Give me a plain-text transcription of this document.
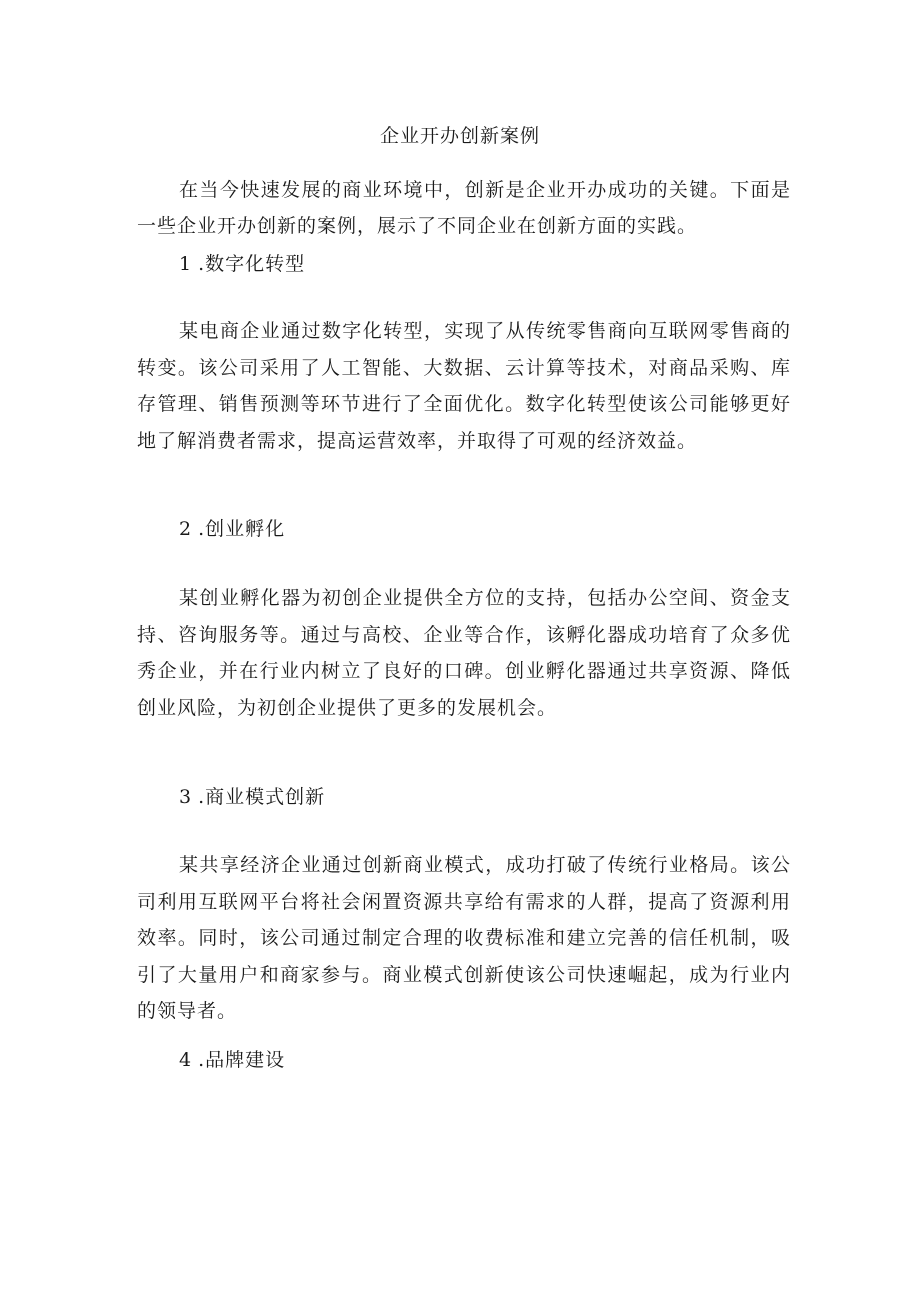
企业开办创新案例

在当今快速发展的商业环境中，创新是企业开办成功的关键。下面是一些企业开办创新的案例，展示了不同企业在创新方面的实践。

1 .数字化转型

某电商企业通过数字化转型，实现了从传统零售商向互联网零售商的转变。该公司采用了人工智能、大数据、云计算等技术，对商品采购、库存管理、销售预测等环节进行了全面优化。数字化转型使该公司能够更好地了解消费者需求，提高运营效率，并取得了可观的经济效益。

2 .创业孵化

某创业孵化器为初创企业提供全方位的支持，包括办公空间、资金支持、咨询服务等。通过与高校、企业等合作，该孵化器成功培育了众多优秀企业，并在行业内树立了良好的口碑。创业孵化器通过共享资源、降低创业风险，为初创企业提供了更多的发展机会。

3 .商业模式创新

某共享经济企业通过创新商业模式，成功打破了传统行业格局。该公司利用互联网平台将社会闲置资源共享给有需求的人群，提高了资源利用效率。同时，该公司通过制定合理的收费标准和建立完善的信任机制，吸引了大量用户和商家参与。商业模式创新使该公司快速崛起，成为行业内的领导者。

4 .品牌建设
